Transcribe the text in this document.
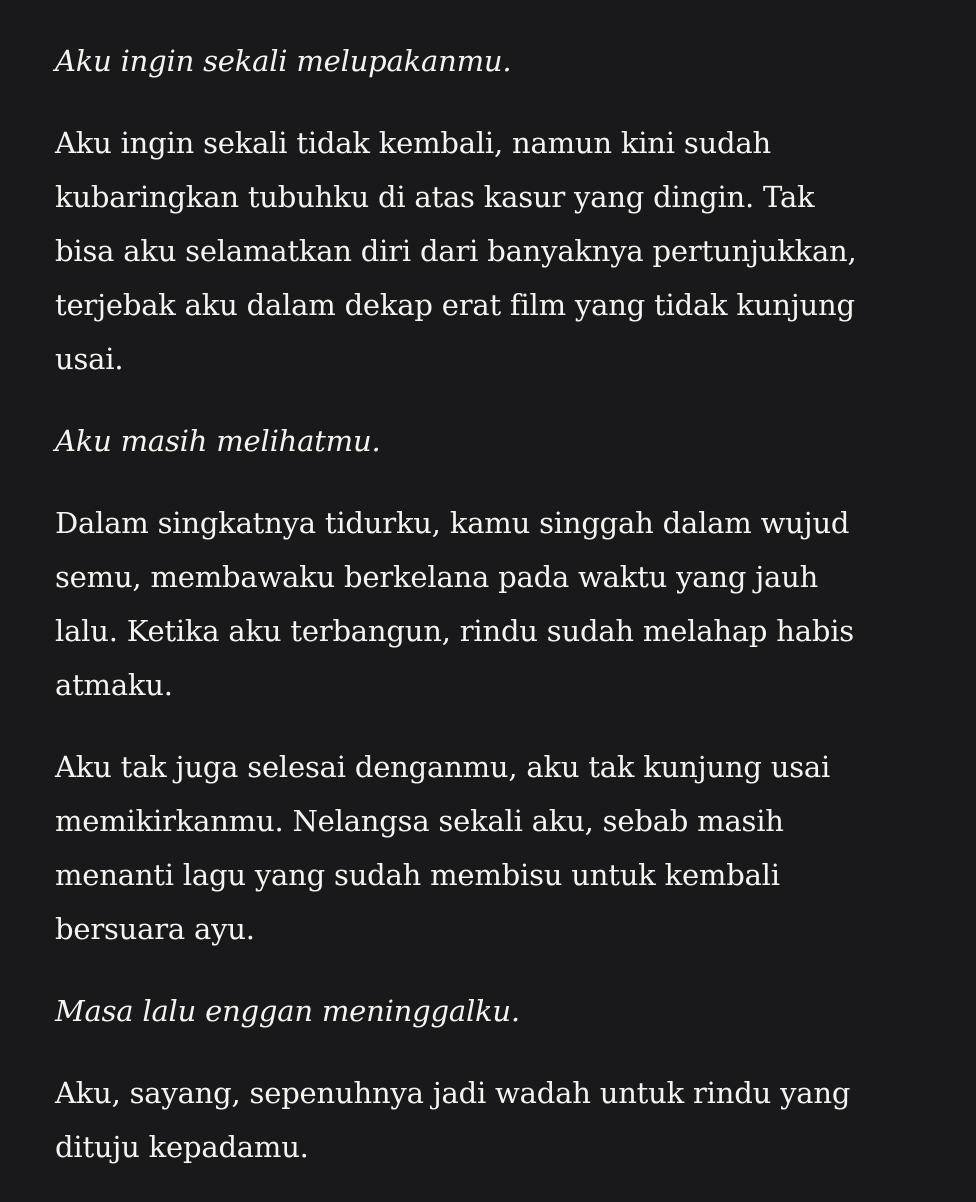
Aku ingin sekali melupakanmu.

Aku ingin sekali tidak kembali, namun kini sudah
kubaringkan tubuhku di atas kasur yang dingin. Tak
bisa aku selamatkan diri dari banyaknya pertunjukkan,
terjebak aku dalam dekap erat film yang tidak kunjung
usai.

Aku masih melihatmu.

Dalam singkatnya tidurku, kamu singgah dalam wujud
semu, membawaku berkelana pada waktu yang jauh
lalu. Ketika aku terbangun, rindu sudah melahap habis
atmaku.

Aku tak juga selesai denganmu, aku tak kunjung usai
memikirkanmu. Nelangsa sekali aku, sebab masih
menanti lagu yang sudah membisu untuk kembali
bersuara ayu.

Masa lalu enggan meninggalku.

Aku, sayang, sepenuhnya jadi wadah untuk rindu yang
dituju kepadamu.
